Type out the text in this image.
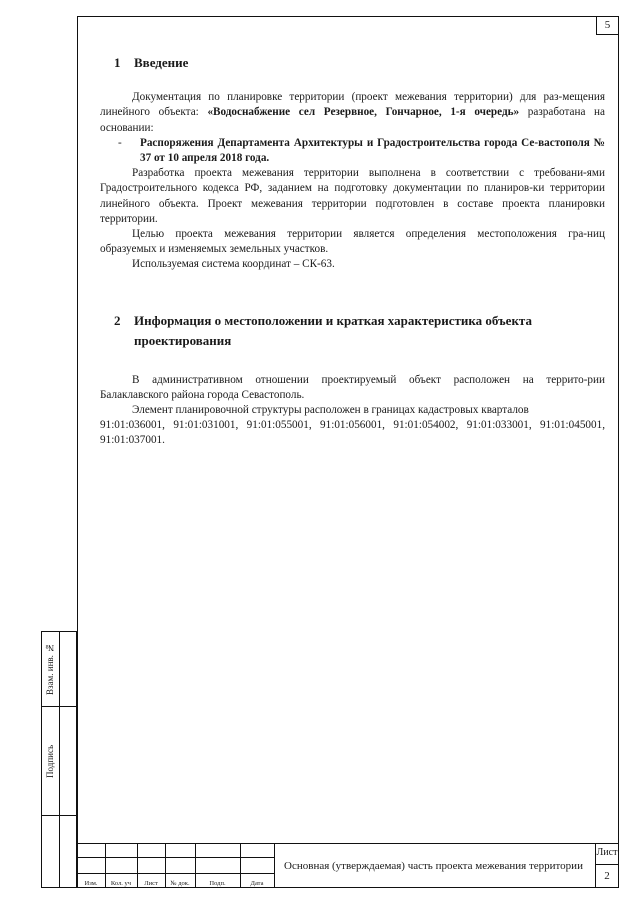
5
1 Введение

Документация по планировке территории (проект межевания территории) для раз-мещения линейного объекта: «Водоснабжение сел Резервное, Гончарное, 1-я очередь» разработана на основании:

-	Распоряжения Департамента Архитектуры и Градостроительства города Се-вастополя № 37 от 10 апреля 2018 года.

Разработка проекта межевания территории выполнена в соответствии с требовани-ями Градостроительного кодекса РФ, заданием на подготовку документации по планиров-ки территории линейного объекта. Проект межевания территории подготовлен в составе проекта планировки территории.

Целью проекта межевания территории является определения местоположения гра-ниц образуемых и изменяемых земельных участков.

Используемая система координат – СК-63.

2	Информация о местоположении и краткая характеристика объекта проектирования

В административном отношении проектируемый объект расположен на террито-рии Балаклавского района города Севастополь.

Элемент планировочной структуры расположен в границах кадастровых кварталов

91:01:036001, 91:01:031001, 91:01:055001, 91:01:056001, 91:01:054002, 91:01:033001, 91:01:045001, 91:01:037001.

Взам. инв. №
Подпись
Изм.	Кол. уч	Лист	№ док.	Подп.	Дата
Основная (утверждаемая) часть проекта межевания территории
Лист
2
